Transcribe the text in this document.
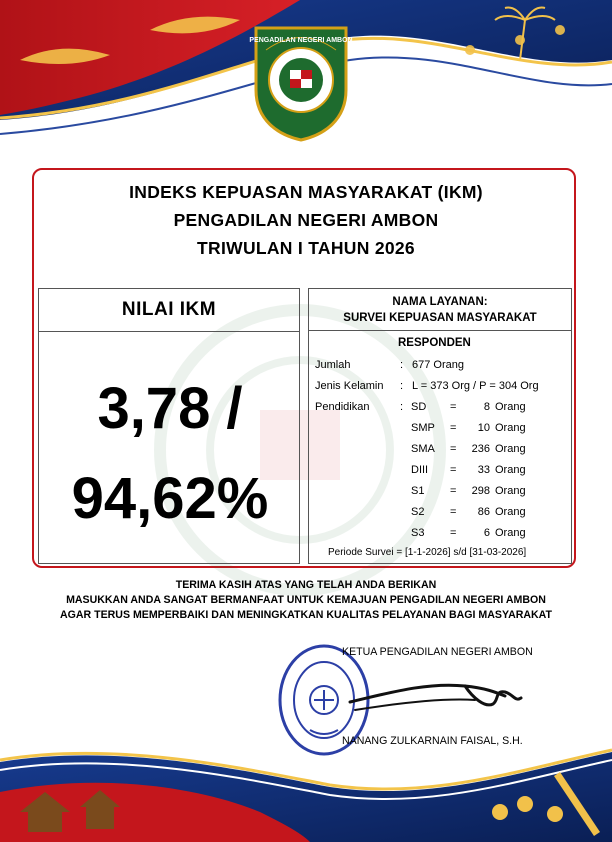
PENGADILAN NEGERI AMBON
INDEKS KEPUASAN MASYARAKAT (IKM)
PENGADILAN NEGERI AMBON
TRIWULAN I TAHUN 2026
NILAI IKM
3,78 /
94,62%
NAMA LAYANAN:
SURVEI KEPUASAN MASYARAKAT
RESPONDEN
Jumlah	: 677 Orang
Jenis Kelamin : L = 373 Org / P = 304 Org
Pendidikan	: SD =	8 Orang
SMP =	10 Orang
SMA =	236 Orang
DIII =	33 Orang
S1 =	298 Orang
S2 =	86 Orang
S3 =	6 Orang
Periode Survei = [1-1-2026] s/d [31-03-2026]
TERIMA KASIH ATAS YANG TELAH ANDA BERIKAN
MASUKKAN ANDA SANGAT BERMANFAAT UNTUK KEMAJUAN PENGADILAN NEGERI AMBON
AGAR TERUS MEMPERBAIKI DAN MENINGKATKAN KUALITAS PELAYANAN BAGI MASYARAKAT
KETUA PENGADILAN NEGERI AMBON
NANANG ZULKARNAIN FAISAL, S.H.
